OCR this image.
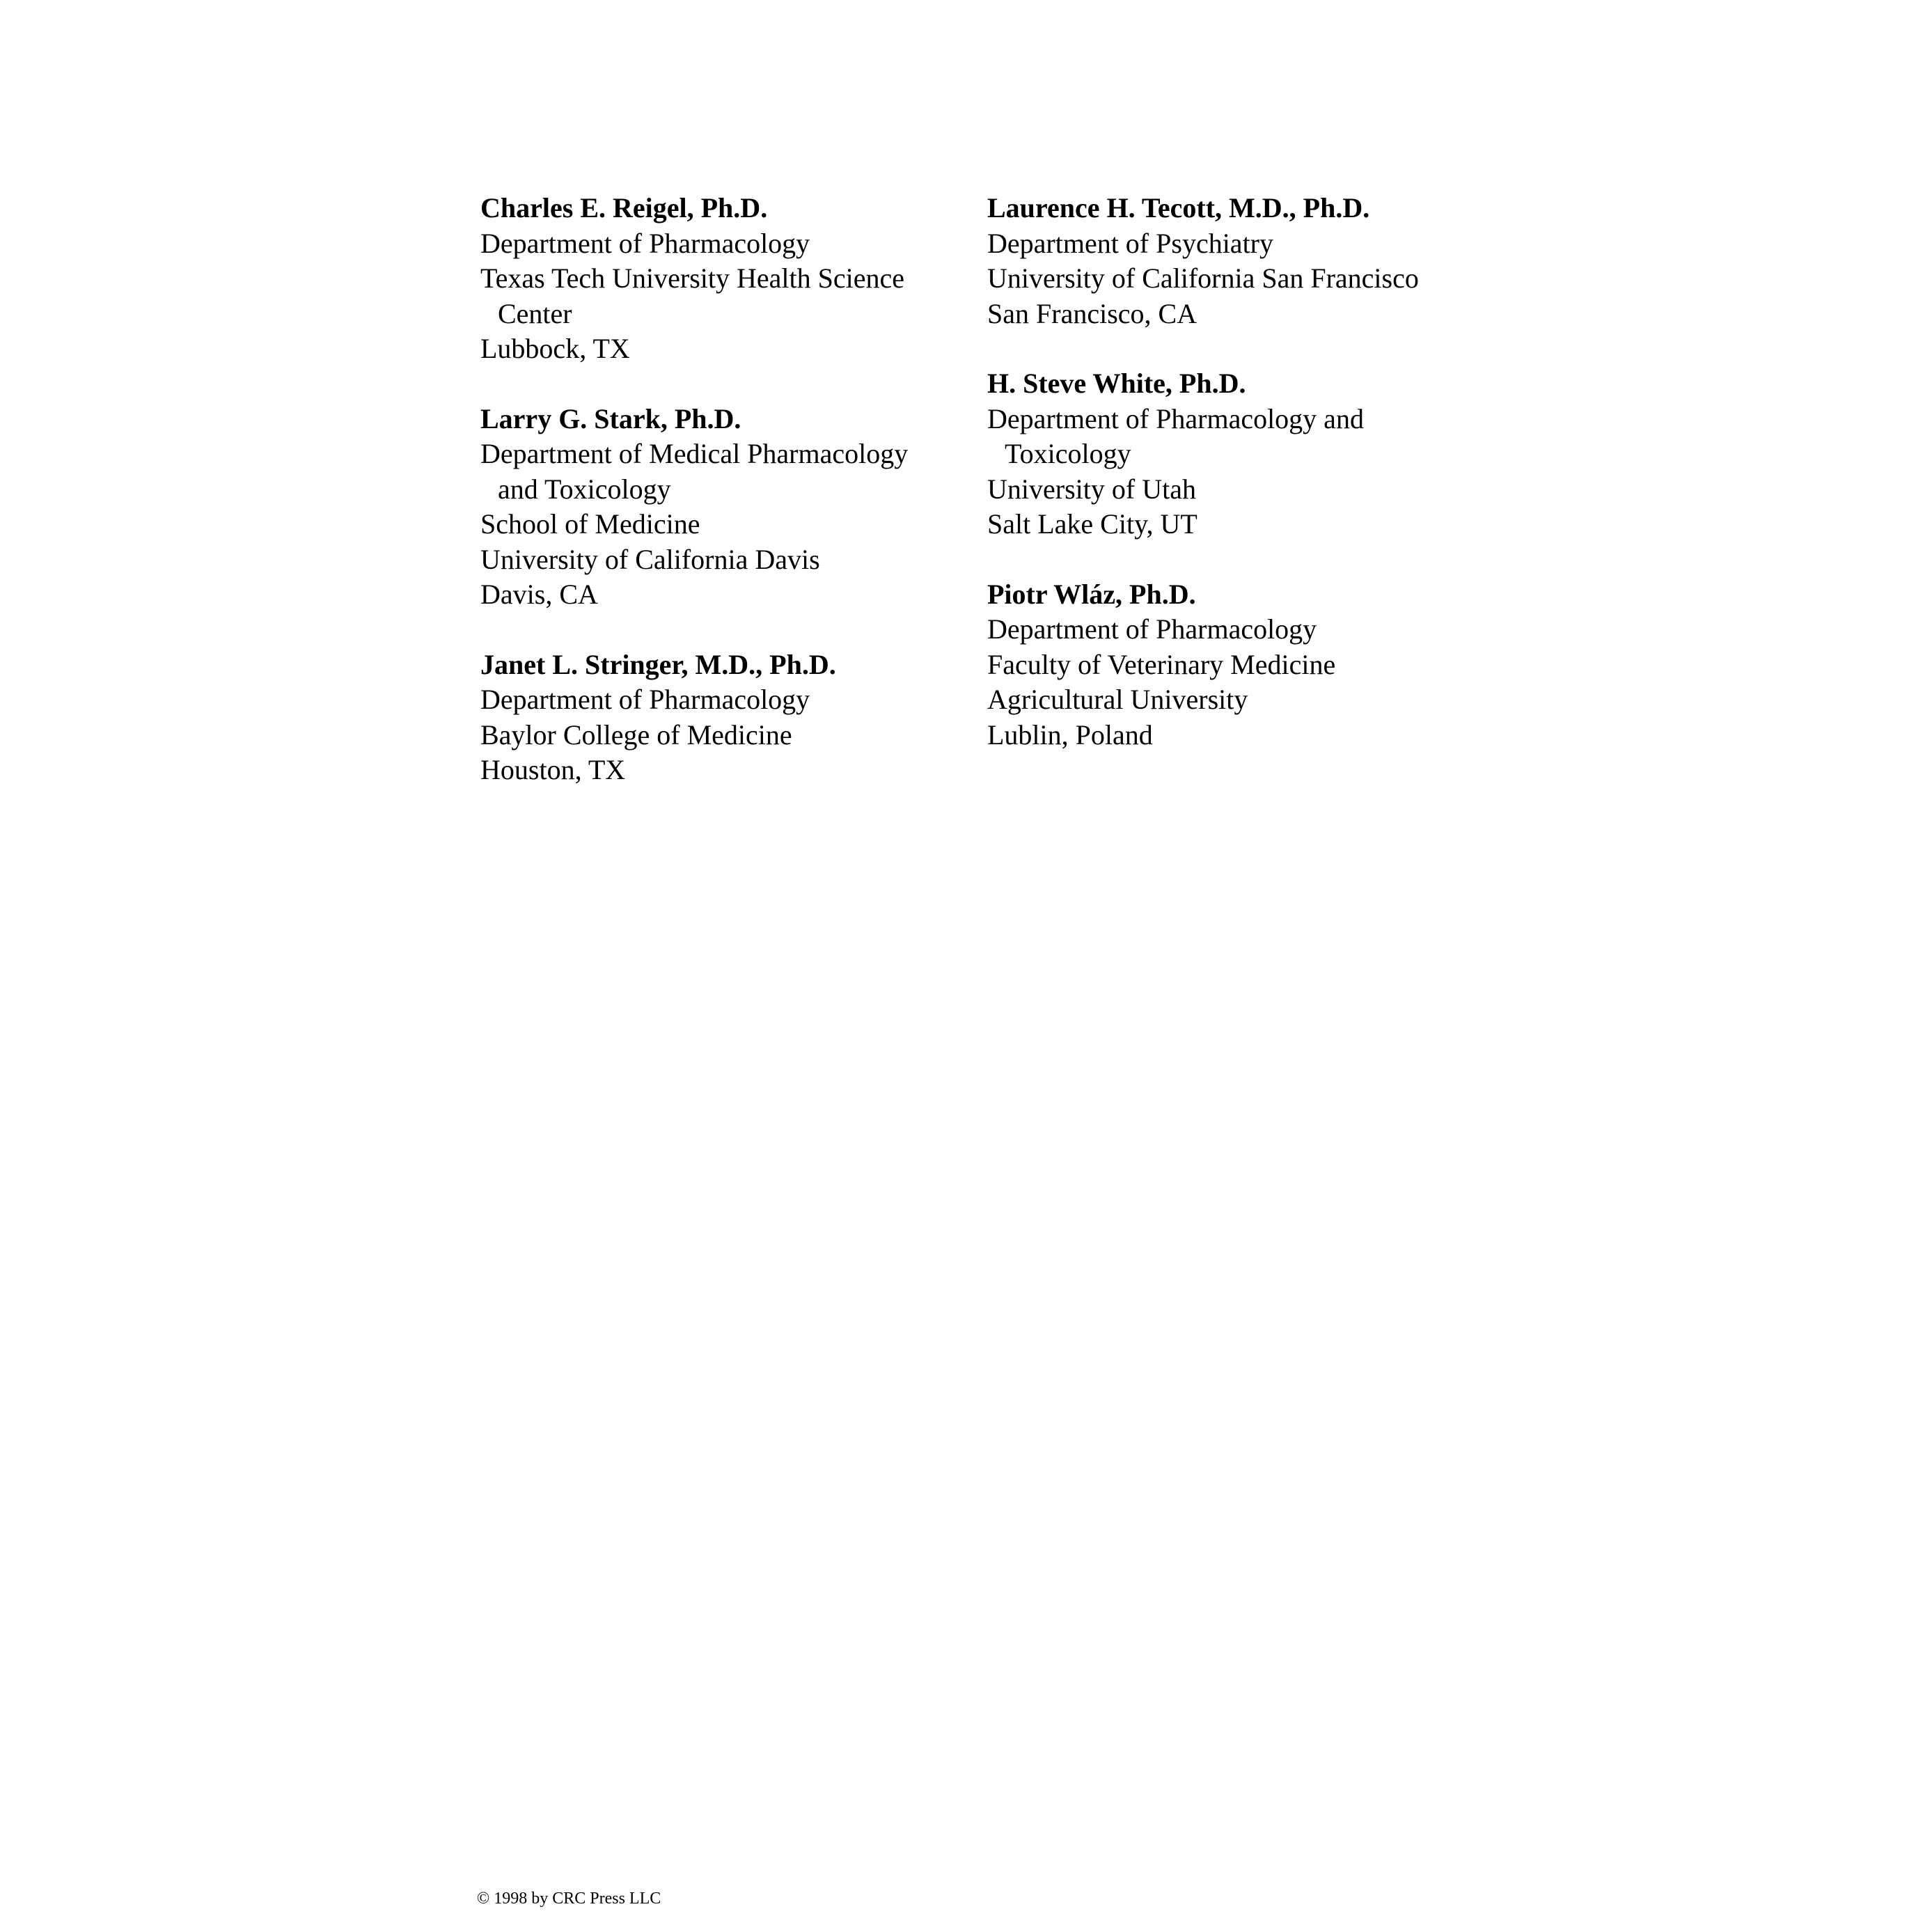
Charles E. Reigel, Ph.D.
Department of Pharmacology
Texas Tech University Health Science
Center
Lubbock, TX
Larry G. Stark, Ph.D.
Department of Medical Pharmacology
and Toxicology
School of Medicine
University of California Davis
Davis, CA
Janet L. Stringer, M.D., Ph.D.
Department of Pharmacology
Baylor College of Medicine
Houston, TX
Laurence H. Tecott, M.D., Ph.D.
Department of Psychiatry
University of California San Francisco
San Francisco, CA
H. Steve White, Ph.D.
Department of Pharmacology and
Toxicology
University of Utah
Salt Lake City, UT
Piotr Wláz, Ph.D.
Department of Pharmacology
Faculty of Veterinary Medicine
Agricultural University
Lublin, Poland
© 1998 by CRC Press LLC
